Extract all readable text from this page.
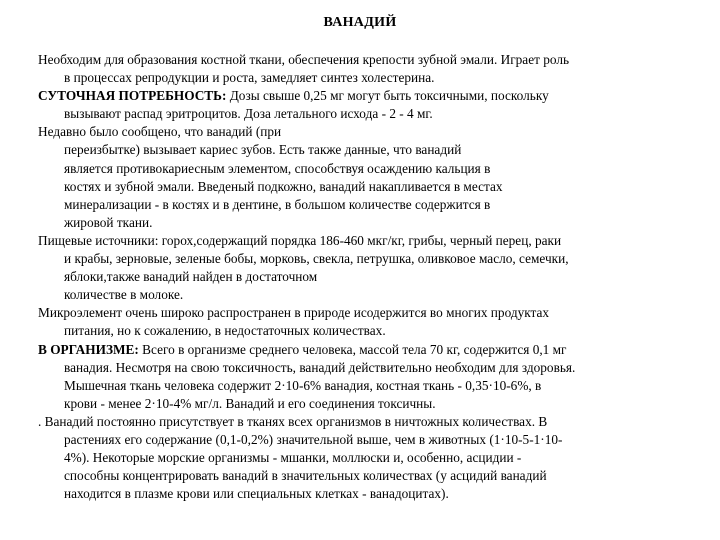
ВАНАДИЙ

Необходим для образования костной ткани, обеспечения крепости зубной эмали. Играет роль
в процессах репродукции и роста, замедляет синтез холестерина.

СУТОЧНАЯ ПОТРЕБНОСТЬ: Дозы свыше 0,25 мг могут быть токсичными, поскольку
вызывают распад эритроцитов. Доза летального исхода - 2 - 4 мг.

Недавно было сообщено, что ванадий (при
переизбытке) вызывает кариес зубов. Есть также данные, что ванадий
является противокариесным элементом, способствуя осаждению кальция в
костях и зубной эмали. Введеный подкожно, ванадий накапливается в местах
минерализации - в костях и в дентине, в большом количестве содержится в
жировой ткани.

Пищевые источники: горох,содержащий порядка 186-460 мкг/кг, грибы, черный перец, раки
и крабы, зерновые, зеленые бобы, морковь, свекла, петрушка, оливковое масло, семечки,
яблоки,также ванадий найден в достаточном
количестве в молоке.

Микроэлемент очень широко распространен в природе исодержится во многих продуктах
питания, но к сожалению, в недостаточных количествах.

В ОРГАНИЗМЕ: Всего в организме среднего человека, массой тела 70 кг, содержится 0,1 мг
ванадия. Несмотря на свою токсичность, ванадий действительно необходим для здоровья.
Мышечная ткань человека содержит 2·10-6% ванадия, костная ткань - 0,35·10-6%, в
крови - менее 2·10-4% мг/л. Ванадий и его соединения токсичны.

. Ванадий постоянно присутствует в тканях всех организмов в ничтожных количествах. В
растениях его содержание (0,1-0,2%) значительной выше, чем в животных (1·10-5-1·10-
4%). Некоторые морские организмы - мшанки, моллюски и, особенно, асцидии -
способны концентрировать ванадий в значительных количествах (у асцидий ванадий
находится в плазме крови или специальных клетках - ванадоцитах).
